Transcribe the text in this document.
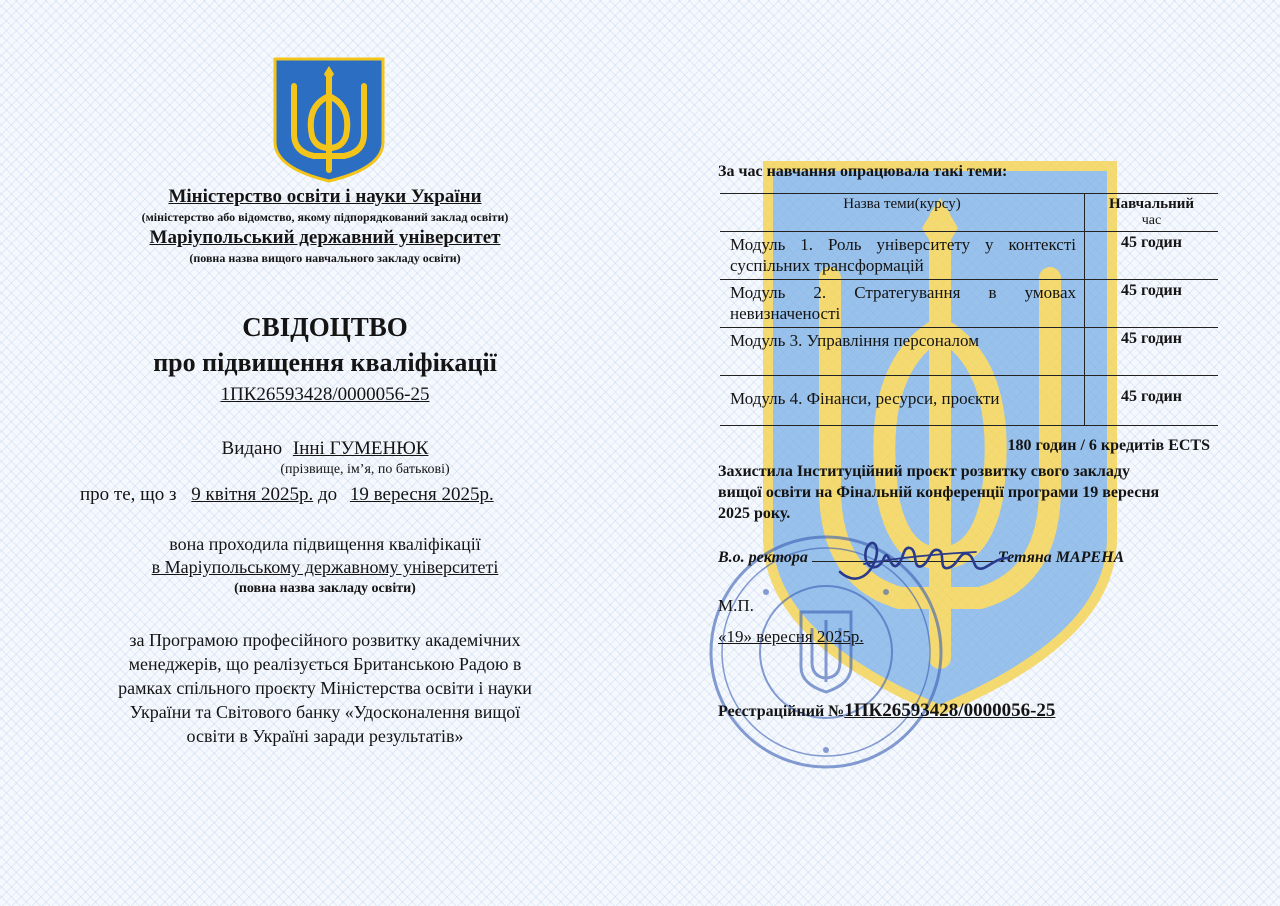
Міністерство освіти і науки України
(міністерство або відомство, якому підпорядкований заклад освіти)
Маріупольський державний університет
(повна назва вищого навчального закладу освіти)
СВІДОЦТВО
про підвищення кваліфікації
1ПК26593428/0000056-25
Видано Інні ГУМЕНЮК
(прізвище, ім’я, по батькові)
про те, що з 9 квітня 2025р. до 19 вересня 2025р.
вона проходила підвищення кваліфікації
в Маріупольському державному університеті
(повна назва закладу освіти)
за Програмою професійного розвитку академічних
менеджерів, що реалізується Британською Радою в
рамках спільного проєкту Міністерства освіти і науки
України та Світового банку «Удосконалення вищої
освіти в Україні заради результатів»
За час навчання опрацювала такі теми:
Назва теми(курсу)	Навчальний
час

Модуль 1. Роль університету у контексті суспільних трансформацій	45 годин
Модуль 2. Стратегування в умовах невизначеності	45 годин
Модуль 3. Управління персоналом	45 годин
Модуль 4. Фінанси, ресурси, проєкти	45 годин
180 годин / 6 кредитів ECTS
Захистила Інституційний проєкт розвитку свого закладу
вищої освіти на Фінальній конференції програми 19 вересня
2025 року.
В.о. ректора	Тетяна МАРЕНА
М.П.
«19» вересня 2025р.
Реєстраційний №1ПК26593428/0000056-25
